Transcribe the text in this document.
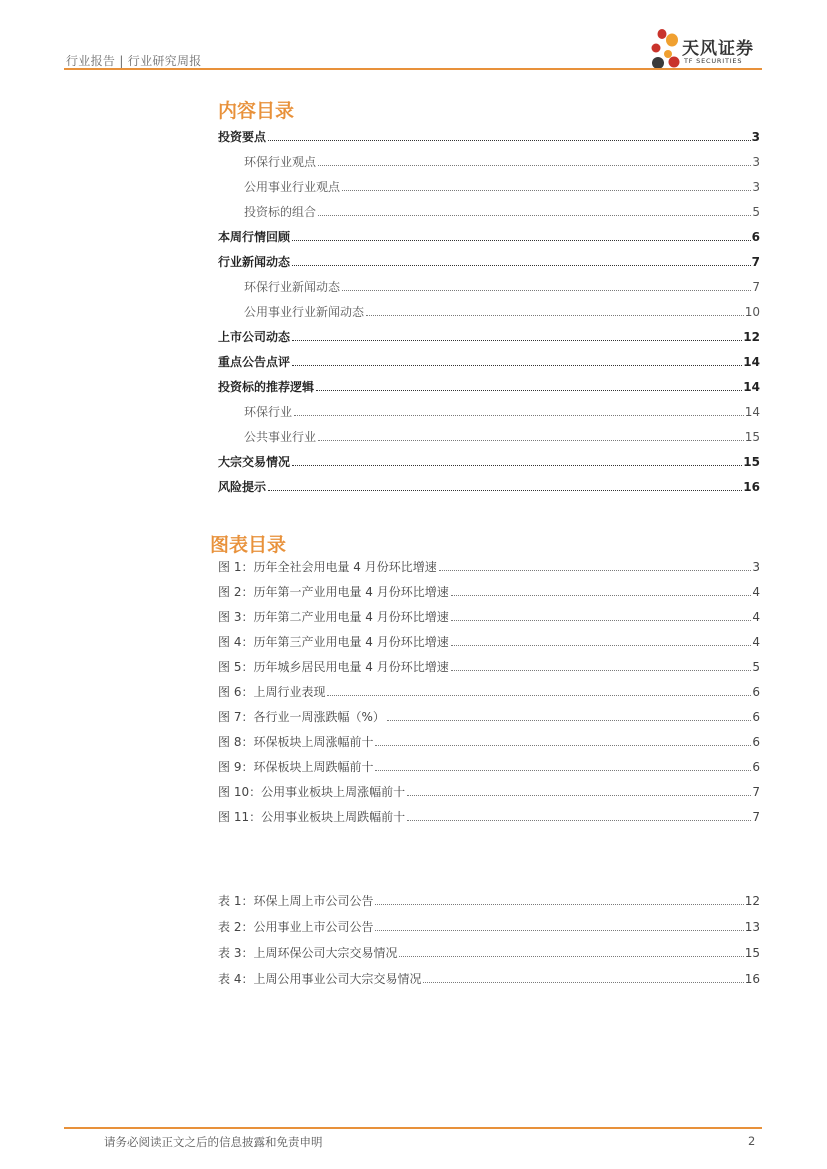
行业报告 | 行业研究周报
天风证券
TF SECURITIES
内容目录
投资要点	3
环保行业观点	3
公用事业行业观点	3
投资标的组合	5
本周行情回顾	6
行业新闻动态	7
环保行业新闻动态	7
公用事业行业新闻动态	10
上市公司动态	12
重点公告点评	14
投资标的推荐逻辑	14
环保行业	14
公共事业行业	15
大宗交易情况	15
风险提示	16
图表目录
图 1：历年全社会用电量 4 月份环比增速	3
图 2：历年第一产业用电量 4 月份环比增速	4
图 3：历年第二产业用电量 4 月份环比增速	4
图 4：历年第三产业用电量 4 月份环比增速	4
图 5：历年城乡居民用电量 4 月份环比增速	5
图 6：上周行业表现	6
图 7：各行业一周涨跌幅（%）	6
图 8：环保板块上周涨幅前十	6
图 9：环保板块上周跌幅前十	6
图 10：公用事业板块上周涨幅前十	7
图 11：公用事业板块上周跌幅前十	7
表 1：环保上周上市公司公告	12
表 2：公用事业上市公司公告	13
表 3：上周环保公司大宗交易情况	15
表 4：上周公用事业公司大宗交易情况	16
请务必阅读正文之后的信息披露和免责申明	2
